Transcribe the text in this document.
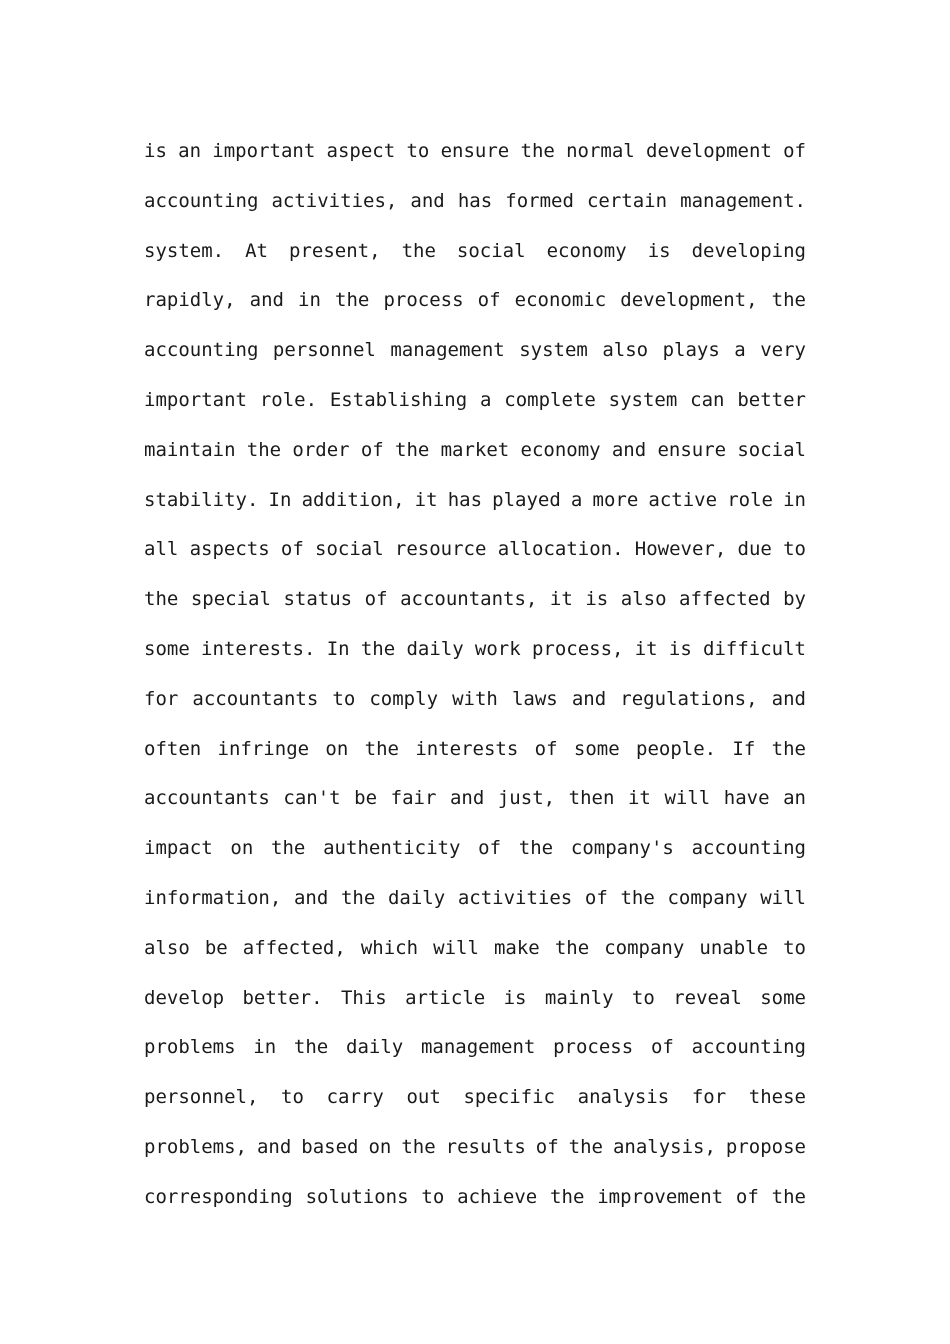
is an important aspect to ensure the normal development of
accounting activities, and has formed certain management.
system. At present, the social economy is developing
rapidly, and in the process of economic development, the
accounting personnel management system also plays a very
important role. Establishing a complete system can better
maintain the order of the market economy and ensure social
stability. In addition, it has played a more active role in
all aspects of social resource allocation. However, due to
the special status of accountants, it is also affected by
some interests. In the daily work process, it is difficult
for accountants to comply with laws and regulations, and
often infringe on the interests of some people. If the
accountants can't be fair and just, then it will have an
impact on the authenticity of the company's accounting
information, and the daily activities of the company will
also be affected, which will make the company unable to
develop better. This article is mainly to reveal some
problems in the daily management process of accounting
personnel, to carry out specific analysis for these
problems, and based on the results of the analysis, propose
corresponding solutions to achieve the improvement of the
